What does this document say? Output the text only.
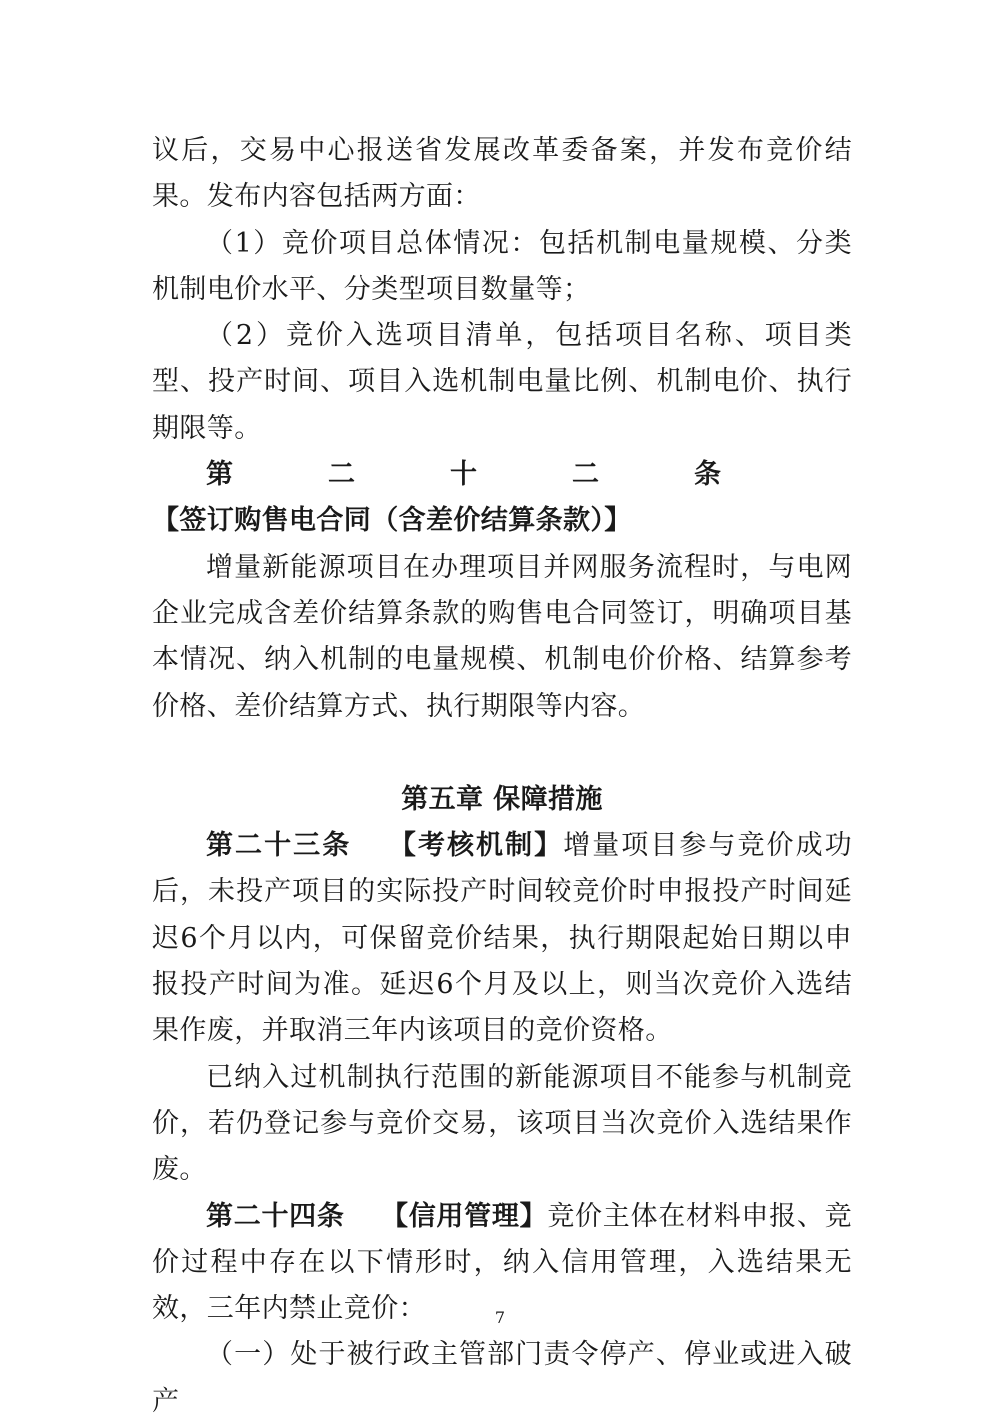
议后，交易中心报送省发展改革委备案，并发布竞价结果。发布内容包括两方面：

（1）竞价项目总体情况：包括机制电量规模、分类机制电价水平、分类型项目数量等；

（2）竞价入选项目清单，包括项目名称、项目类型、投产时间、项目入选机制电量比例、机制电价、执行期限等。

第二十二条【签订购售电合同（含差价结算条款）】

增量新能源项目在办理项目并网服务流程时，与电网企业完成含差价结算条款的购售电合同签订，明确项目基本情况、纳入机制的电量规模、机制电价价格、结算参考价格、差价结算方式、执行期限等内容。

第五章 保障措施

第二十三条 【考核机制】增量项目参与竞价成功后，未投产项目的实际投产时间较竞价时申报投产时间延迟6个月以内，可保留竞价结果，执行期限起始日期以申报投产时间为准。延迟6个月及以上，则当次竞价入选结果作废，并取消三年内该项目的竞价资格。

已纳入过机制执行范围的新能源项目不能参与机制竞价，若仍登记参与竞价交易，该项目当次竞价入选结果作废。

第二十四条 【信用管理】竞价主体在材料申报、竞价过程中存在以下情形时，纳入信用管理，入选结果无效，三年内禁止竞价：

（一）处于被行政主管部门责令停产、停业或进入破产

7
